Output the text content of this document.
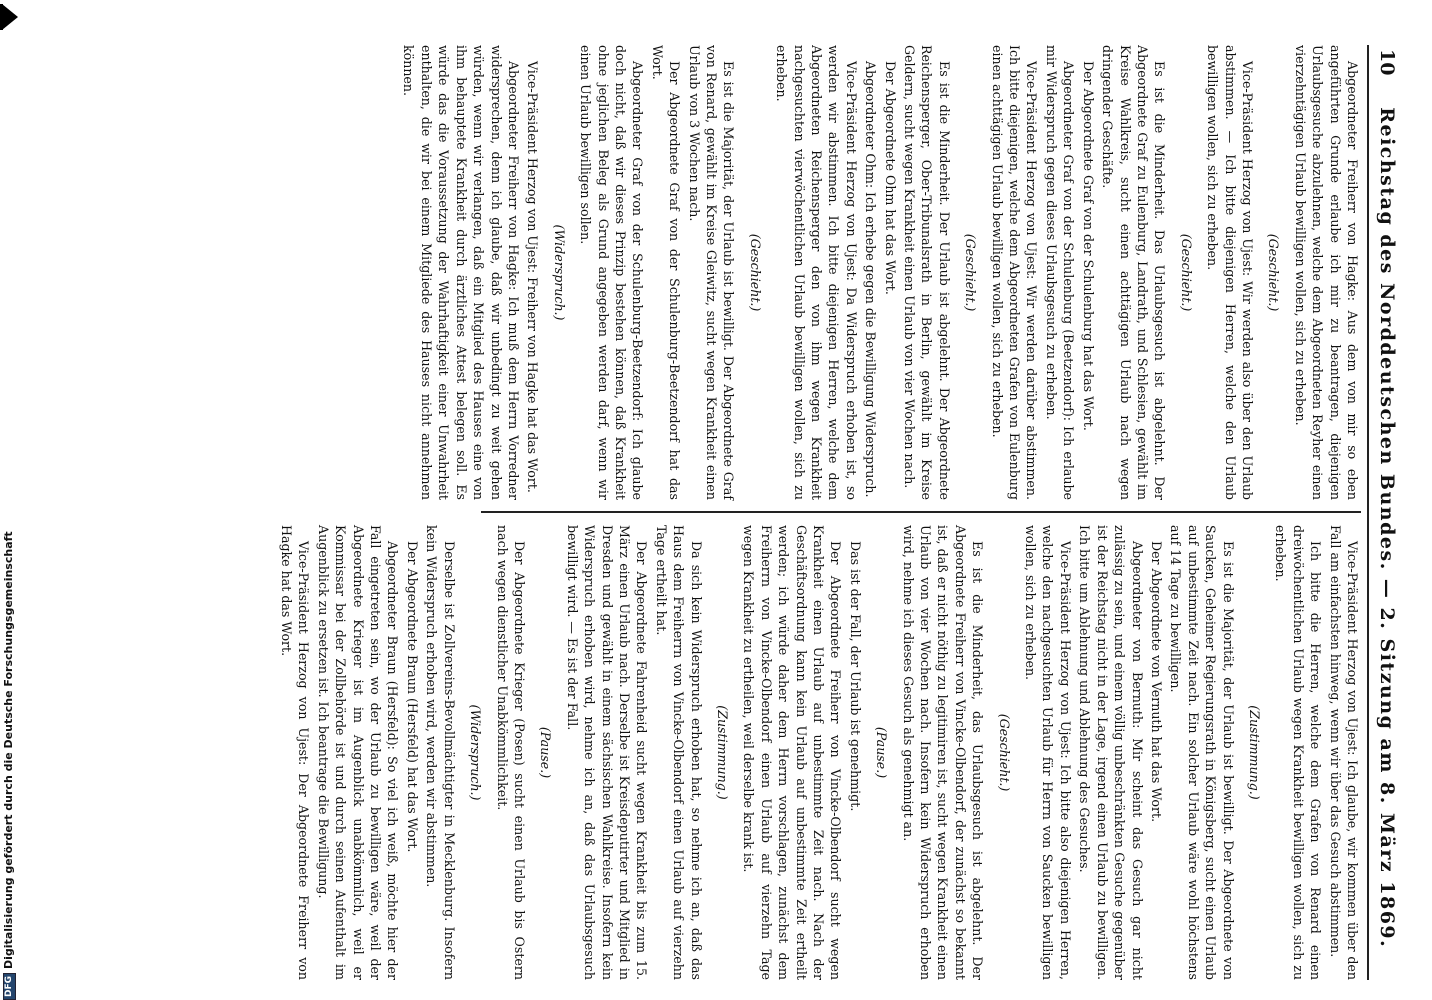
DFGDigitalisierung gefördert durch die Deutsche Forschungsgemeinschaft
10
Reichstag des Norddeutschen Bundes. — 2. Sitzung am 8. März 1869.

Abgeordneter Freiherr von Hagke: Aus dem von mir so eben angeführten Grunde erlaube ich mir zu beantragen, diejenigen Urlaubsgesuche abzulehnen, welche dem Abgeordneten Reyher einen vierzehntägigen Urlaub bewilligen wollen, sich zu erheben.

(Geschieht.)

Vice-Präsident Herzog von Ujest: Wir werden also über den Urlaub abstimmen. — Ich bitte diejenigen Herren, welche den Urlaub bewilligen wollen, sich zu erheben.

(Geschieht.)

Es ist die Minderheit. Das Urlaubsgesuch ist abgelehnt. Der Abgeordnete Graf zu Eulenburg, Landrath, und Schlesien, gewählt im Kreise Wahlkreis, sucht einen achttägigen Urlaub nach wegen dringender Geschäfte.

Der Abgeordnete Graf von der Schulenburg hat das Wort.

Abgeordneter Graf von der Schulenburg (Beetzendorf): Ich erlaube mir Widerspruch gegen dieses Urlaubsgesuch zu erheben.

Vice-Präsident Herzog von Ujest: Wir werden darüber abstimmen. Ich bitte diejenigen, welche dem Abgeordneten Grafen von Eulenburg einen achttägigen Urlaub bewilligen wollen, sich zu erheben.

(Geschieht.)

Es ist die Minderheit. Der Urlaub ist abgelehnt. Der Abgeordnete Reichensperger, Ober-Tribunalsrath in Berlin, gewählt im Kreise Geldern, sucht wegen Krankheit einen Urlaub von vier Wochen nach.

Der Abgeordnete Ohm hat das Wort.

Abgeordneter Ohm: Ich erhebe gegen die Bewilligung Widerspruch.

Vice-Präsident Herzog von Ujest: Da Widerspruch erhoben ist, so werden wir abstimmen. Ich bitte diejenigen Herren, welche dem Abgeordneten Reichensperger den von ihm wegen Krankheit nachgesuchten vierwöchentlichen Urlaub bewilligen wollen, sich zu erheben.

(Geschieht.)

Es ist die Majorität, der Urlaub ist bewilligt. Der Abgeordnete Graf von Renard, gewählt im Kreise Gleiwitz, sucht wegen Krankheit einen Urlaub von 3 Wochen nach.

Der Abgeordnete Graf von der Schulenburg-Beetzendorf hat das Wort.

Abgeordneter Graf von der Schulenburg-Beetzendorf: Ich glaube doch nicht, daß wir dieses Prinzip bestehen können, daß Krankheit ohne jeglichen Beleg als Grund angegeben werden darf, wenn wir einen Urlaub bewilligen sollen.

(Widerspruch.)

Vice-Präsident Herzog von Ujest: Freiherr von Hagke hat das Wort.

Abgeordneter Freiherr von Hagke: Ich muß dem Herrn Vorredner widersprechen, denn ich glaube, daß wir unbedingt zu weit gehen würden, wenn wir verlangen, daß ein Mitglied des Hauses eine von ihm behauptete Krankheit durch ärztliches Attest belegen soll. Es würde das die Voraussetzung der Wahrhaftigkeit einer Unwahrheit enthalten, die wir bei einem Mitgliede des Hauses nicht annehmen können.

Vice-Präsident Herzog von Ujest: Ich glaube, wir kommen über den Fall am einfachsten hinweg, wenn wir über das Gesuch abstimmen.

Ich bitte die Herren, welche dem Grafen von Renard einen dreiwöchentlichen Urlaub wegen Krankheit bewilligen wollen, sich zu erheben.

(Zustimmung.)

Es ist die Majorität, der Urlaub ist bewilligt. Der Abgeordnete von Saucken, Geheimer Regierungsrath in Königsberg, sucht einen Urlaub auf unbestimmte Zeit nach. Ein solcher Urlaub wäre wohl höchstens auf 14 Tage zu bewilligen.

Der Abgeordnete von Vernuth hat das Wort.

Abgeordneter von Bernuth: Mir scheint das Gesuch gar nicht zulässig zu sein, und einem völlig unbeschränkten Gesuche gegenüber ist der Reichstag nicht in der Lage, irgend einen Urlaub zu bewilligen. Ich bitte um Ablehnung und Ablehnung des Gesuches.

Vice-Präsident Herzog von Ujest: Ich bitte also diejenigen Herren, welche den nachgesuchten Urlaub für Herrn von Saucken bewilligen wollen, sich zu erheben.

(Geschieht.)

Es ist die Minderheit, das Urlaubsgesuch ist abgelehnt. Der Abgeordnete Freiherr von Vincke-Olbendorf, der zunächst so bekannt ist, daß er nicht nöthig zu legitimiren ist, sucht wegen Krankheit einen Urlaub von vier Wochen nach. Insofern kein Widerspruch erhoben wird, nehme ich dieses Gesuch als genehmigt an.

(Pause.)

Das ist der Fall, der Urlaub ist genehmigt.

Der Abgeordnete Freiherr von Vincke-Olbendorf sucht wegen Krankheit einen Urlaub auf unbestimmte Zeit nach. Nach der Geschäftsordnung kann kein Urlaub auf unbestimmte Zeit ertheilt werden; ich würde daher dem Herrn vorschlagen, zunächst dem Freiherrn von Vincke-Olbendorf einen Urlaub auf vierzehn Tage wegen Krankheit zu ertheilen, weil derselbe krank ist.

(Zustimmung.)

Da sich kein Widerspruch erhoben hat, so nehme ich an, daß das Haus dem Freiherrn von Vincke-Olbendorf einen Urlaub auf vierzehn Tage ertheilt hat.

Der Abgeordnete Fahrenheid sucht wegen Krankheit bis zum 15. März einen Urlaub nach. Derselbe ist Kreisdeputirter und Mitglied in Dresden und gewählt in einem sächsischen Wahlkreise. Insofern kein Widerspruch erhoben wird, nehme ich an, daß das Urlaubsgesuch bewilligt wird. — Es ist der Fall.

(Pause.)

Der Abgeordnete Krieger (Posen) sucht einen Urlaub bis Ostern nach wegen dienstlicher Unabkömmlichkeit.

(Widerspruch.)

Derselbe ist Zollvereins-Bevollmächtigter in Mecklenburg. Insofern kein Widerspruch erhoben wird, werden wir abstimmen.

Der Abgeordnete Braun (Hersfeld) hat das Wort.

Abgeordneter Braun (Hersfeld): So viel ich weiß, möchte hier der Fall eingetreten sein, wo der Urlaub zu bewilligen wäre, weil der Abgeordnete Krieger ist im Augenblick unabkömmlich, weil er Kommissar bei der Zollbehörde ist und durch seinen Aufenthalt im Augenblick zu ersetzen ist. Ich beantrage die Bewilligung.

Vice-Präsident Herzog von Ujest: Der Abgeordnete Freiherr von Hagke hat das Wort.
